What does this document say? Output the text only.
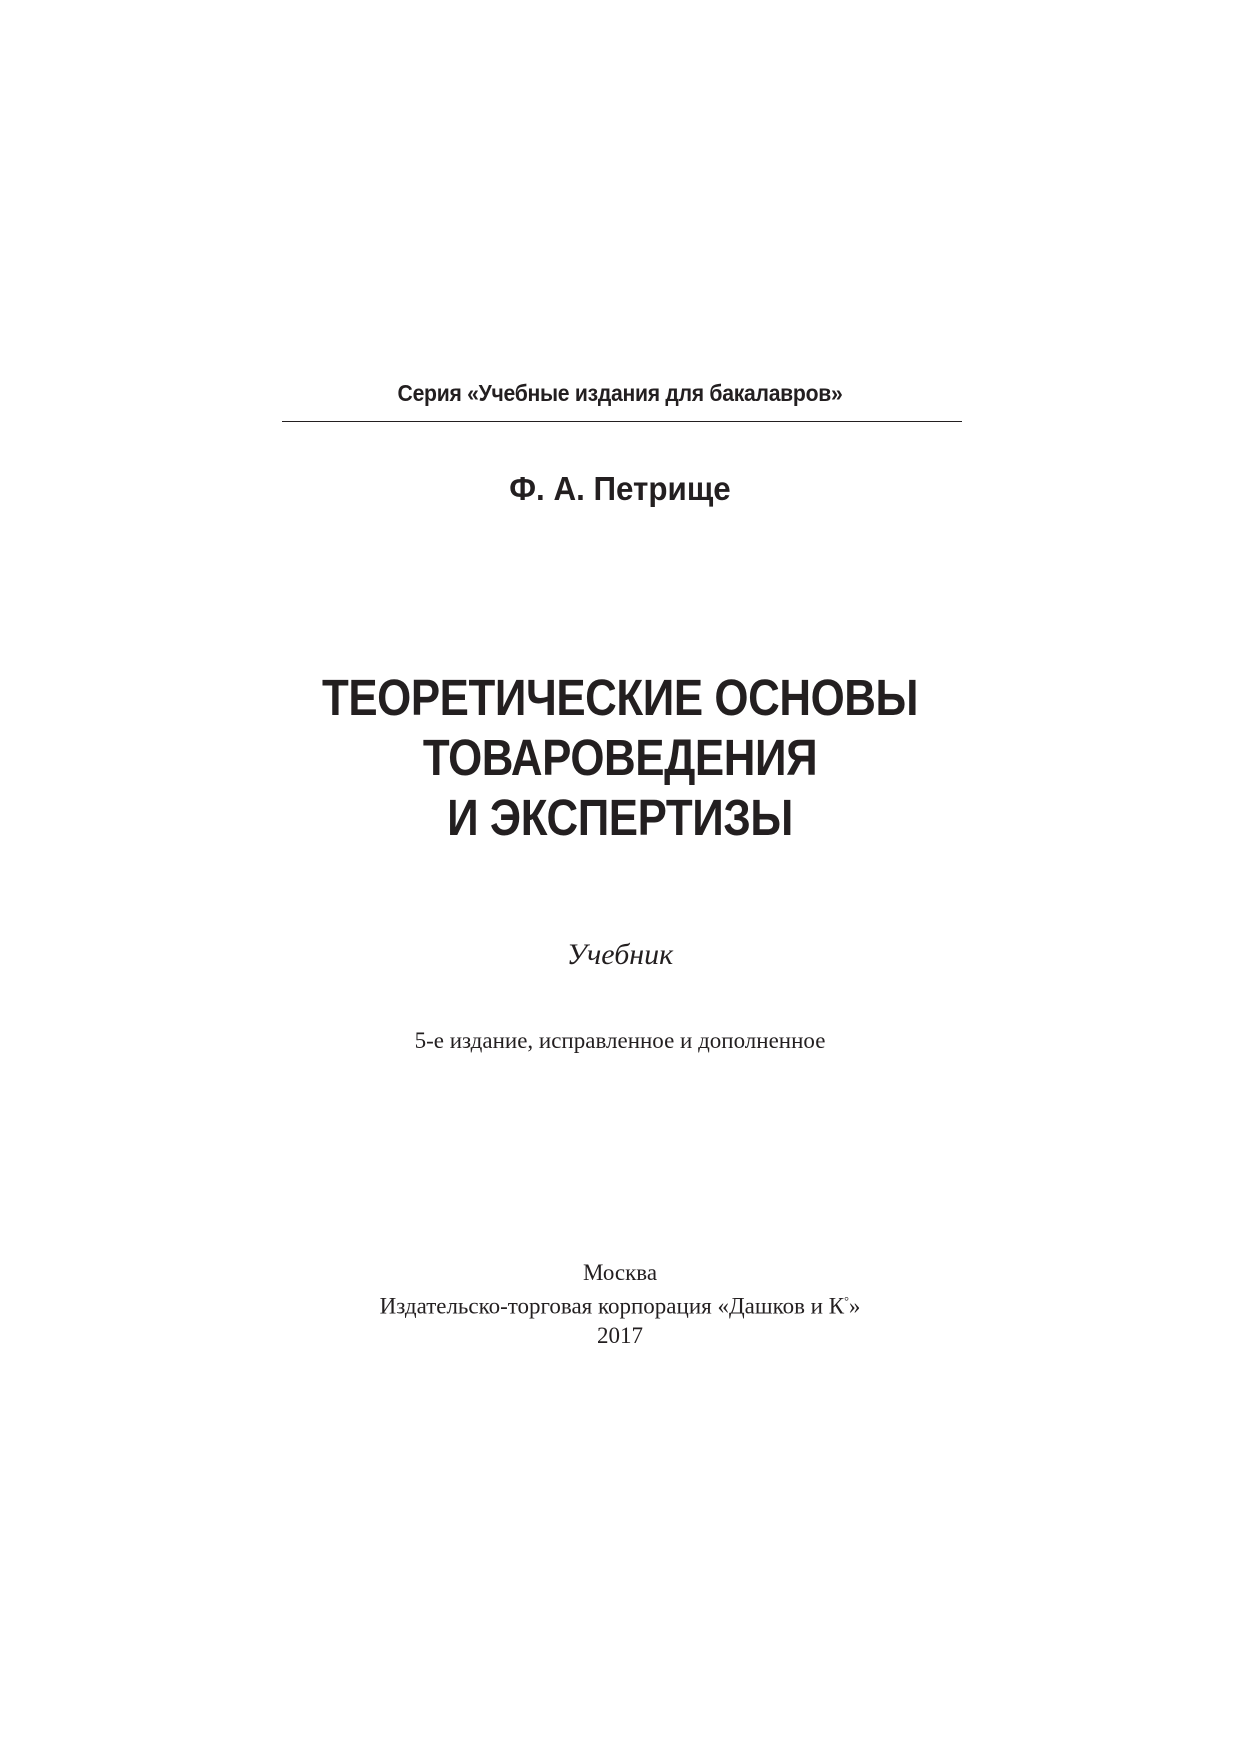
Серия «Учебные издания для бакалавров»
Ф. А. Петрище
ТЕОРЕТИЧЕСКИЕ ОСНОВЫ
ТОВАРОВЕДЕНИЯ
И ЭКСПЕРТИЗЫ
Учебник
5-е издание, исправленное и дополненное
Москва
Издательско-торговая корпорация «Дашков и К°»
2017
